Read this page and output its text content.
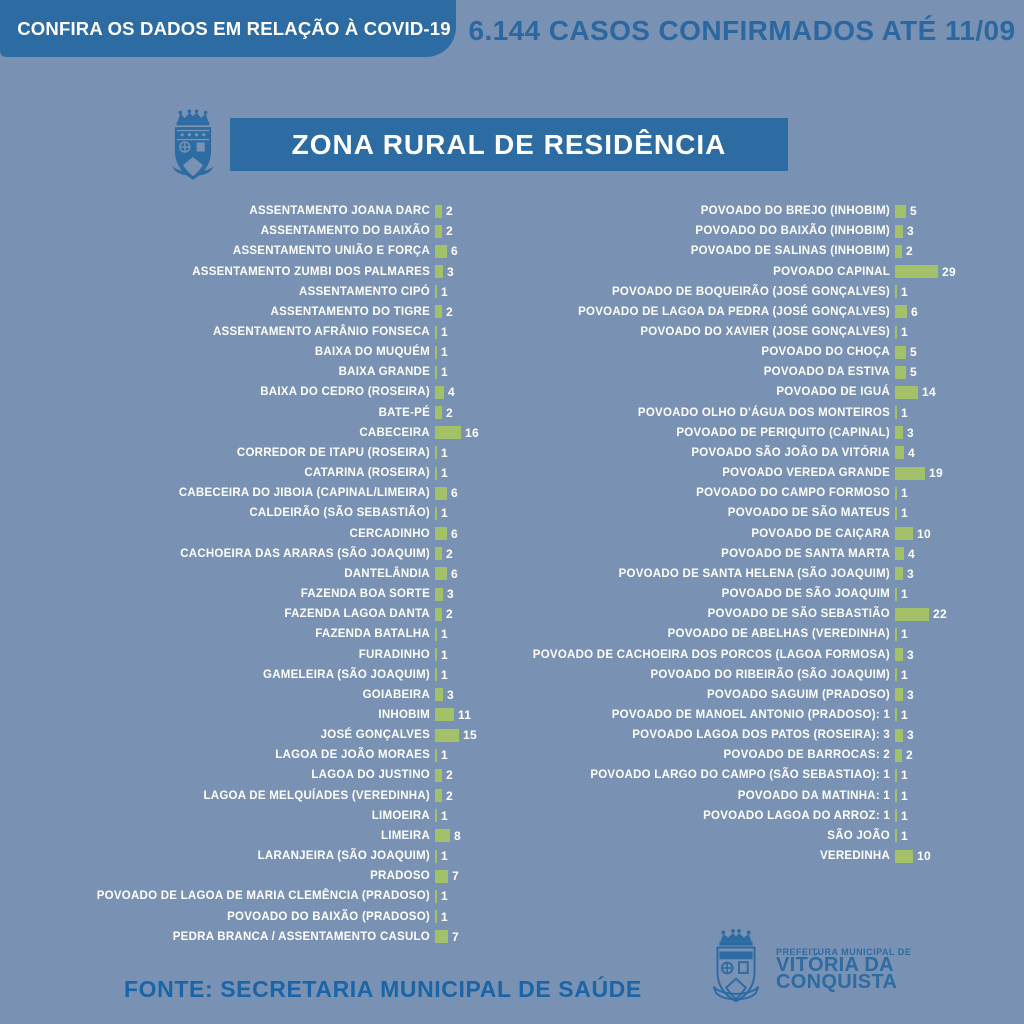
CONFIRA OS DADOS EM RELAÇÃO À COVID-19 6.144 CASOS CONFIRMADOS ATÉ 11/09
ZONA RURAL DE RESIDÊNCIA
ASSENTAMENTO JOANA DARC 2
ASSENTAMENTO DO BAIXÃO 2
ASSENTAMENTO UNIÃO E FORÇA 6
ASSENTAMENTO ZUMBI DOS PALMARES 3
ASSENTAMENTO CIPÓ 1
ASSENTAMENTO DO TIGRE 2
ASSENTAMENTO AFRÂNIO FONSECA 1
BAIXA DO MUQUÉM 1
BAIXA GRANDE 1
BAIXA DO CEDRO (ROSEIRA) 4
BATE-PÉ 2
CABECEIRA	16
CORREDOR DE ITAPU (ROSEIRA) 1
CATARINA (ROSEIRA) 1
CABECEIRA DO JIBOIA (CAPINAL/LIMEIRA) 6
CALDEIRÃO (SÃO SEBASTIÃO) 1
CERCADINHO 6
CACHOEIRA DAS ARARAS (SÃO JOAQUIM) 2
DANTELÂNDIA 6
FAZENDA BOA SORTE 3
FAZENDA LAGOA DANTA 2
FAZENDA BATALHA 1
FURADINHO 1
GAMELEIRA (SÃO JOAQUIM) 1
GOIABEIRA 3
INHOBIM 11
JOSÉ GONÇALVES	15
LAGOA DE JOÃO MORAES 1
LAGOA DO JUSTINO 2
LAGOA DE MELQUÍADES (VEREDINHA) 2
LIMOEIRA 1
LIMEIRA 8
LARANJEIRA (SÃO JOAQUIM) 1
PRADOSO 7
POVOADO DE LAGOA DE MARIA CLEMÊNCIA (PRADOSO) 1
POVOADO DO BAIXÃO (PRADOSO) 1
PEDRA BRANCA / ASSENTAMENTO CASULO 7
POVOADO DO BREJO (INHOBIM) 5
POVOADO DO BAIXÃO (INHOBIM) 3
POVOADO DE SALINAS (INHOBIM) 2
POVOADO CAPINAL	29
POVOADO DE BOQUEIRÃO (JOSÉ GONÇALVES) 1
POVOADO DE LAGOA DA PEDRA (JOSÉ GONÇALVES) 6
POVOADO DO XAVIER (JOSE GONÇALVES) 1
POVOADO DO CHOÇA 5
POVOADO DA ESTIVA 5
POVOADO DE IGUÁ	14
POVOADO OLHO D'ÁGUA DOS MONTEIROS 1
POVOADO DE PERIQUITO (CAPINAL) 3
POVOADO SÃO JOÃO DA VITÓRIA 4
POVOADO VEREDA GRANDE	19
POVOADO DO CAMPO FORMOSO 1
POVOADO DE SÃO MATEUS 1
POVOADO DE CAIÇARA 10
POVOADO DE SANTA MARTA 4
POVOADO DE SANTA HELENA (SÃO JOAQUIM) 3
POVOADO DE SÃO JOAQUIM 1
POVOADO DE SÃO SEBASTIÃO	22
POVOADO DE ABELHAS (VEREDINHA) 1
POVOADO DE CACHOEIRA DOS PORCOS (LAGOA FORMOSA) 3
POVOADO DO RIBEIRÃO (SÃO JOAQUIM) 1
POVOADO SAGUIM (PRADOSO) 3
POVOADO DE MANOEL ANTONIO (PRADOSO): 1 1
POVOADO LAGOA DOS PATOS (ROSEIRA): 3 3
POVOADO DE BARROCAS: 2 2
POVOADO LARGO DO CAMPO (SÃO SEBASTIAO): 1 1
POVOADO DA MATINHA: 1 1
POVOADO LAGOA DO ARROZ: 1 1
SÃO JOÃO 1
VEREDINHA 10
FONTE: SECRETARIA MUNICIPAL DE SAÚDE
PREFEITURA MUNICIPAL DE
VITÓRIA DA
CONQUISTA
